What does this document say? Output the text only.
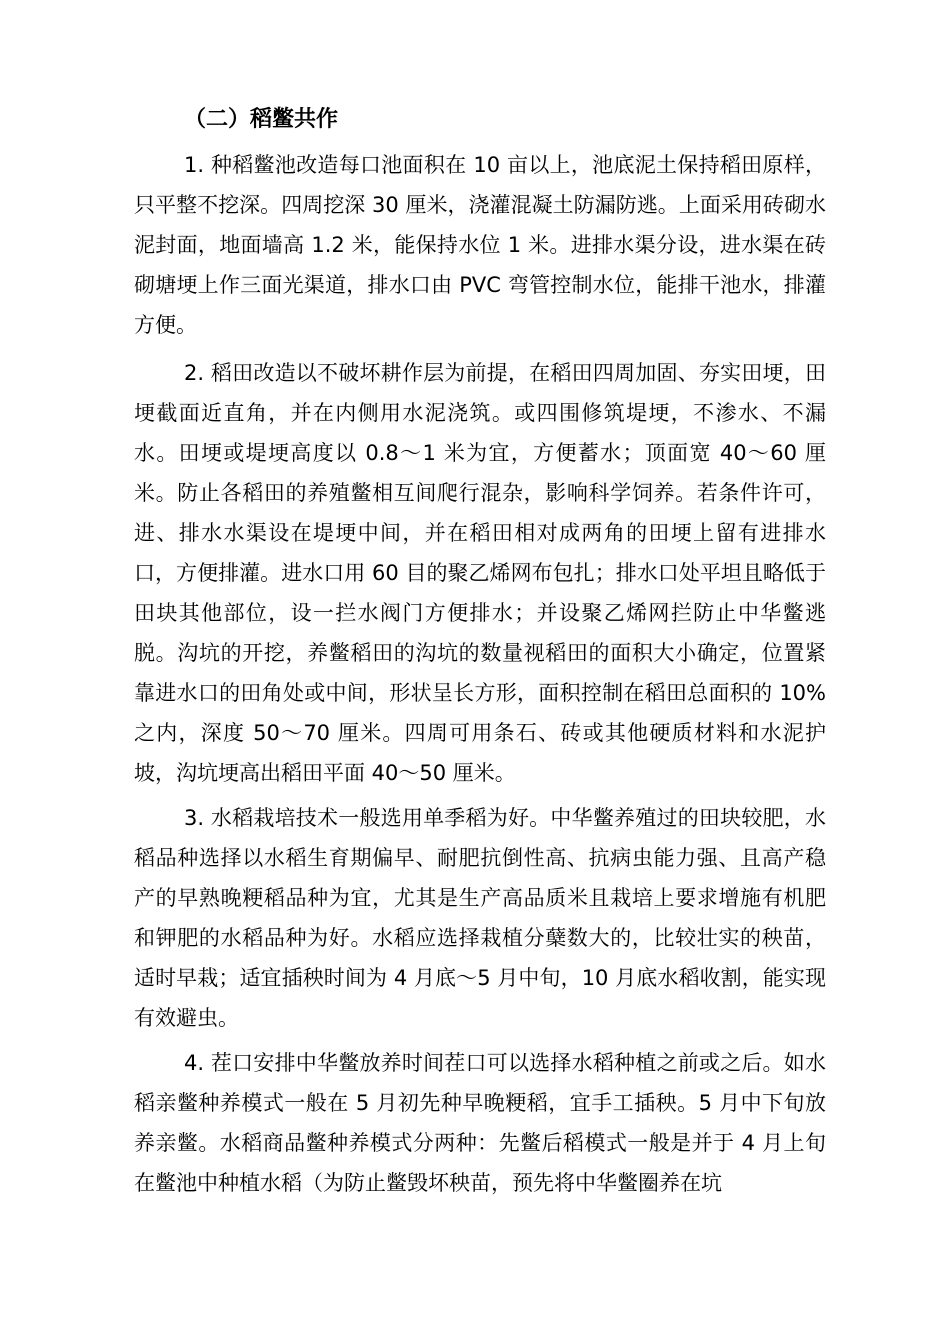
（二）稻鳖共作

1. 种稻鳖池改造每口池面积在 10 亩以上，池底泥土保持稻田原样，只平整不挖深。四周挖深 30 厘米，浇灌混凝土防漏防逃。上面采用砖砌水泥封面，地面墙高 1.2 米，能保持水位 1 米。进排水渠分设，进水渠在砖砌塘埂上作三面光渠道，排水口由 PVC 弯管控制水位，能排干池水，排灌方便。

2. 稻田改造以不破坏耕作层为前提，在稻田四周加固、夯实田埂，田埂截面近直角，并在内侧用水泥浇筑。或四围修筑堤埂，不渗水、不漏水。田埂或堤埂高度以 0.8～1 米为宜，方便蓄水；顶面宽 40～60 厘米。防止各稻田的养殖鳖相互间爬行混杂，影响科学饲养。若条件许可，进、排水水渠设在堤埂中间，并在稻田相对成两角的田埂上留有进排水口，方便排灌。进水口用 60 目的聚乙烯网布包扎；排水口处平坦且略低于田块其他部位，设一拦水阀门方便排水；并设聚乙烯网拦防止中华鳖逃脱。沟坑的开挖，养鳖稻田的沟坑的数量视稻田的面积大小确定，位置紧靠进水口的田角处或中间，形状呈长方形，面积控制在稻田总面积的 10%之内，深度 50～70 厘米。四周可用条石、砖或其他硬质材料和水泥护坡，沟坑埂高出稻田平面 40～50 厘米。

3. 水稻栽培技术一般选用单季稻为好。中华鳖养殖过的田块较肥，水稻品种选择以水稻生育期偏早、耐肥抗倒性高、抗病虫能力强、且高产稳产的早熟晚粳稻品种为宜，尤其是生产高品质米且栽培上要求增施有机肥和钾肥的水稻品种为好。水稻应选择栽植分蘖数大的，比较壮实的秧苗，适时早栽；适宜插秧时间为 4 月底～5 月中旬，10 月底水稻收割，能实现有效避虫。

4. 茬口安排中华鳖放养时间茬口可以选择水稻种植之前或之后。如水稻亲鳖种养模式一般在 5 月初先种早晚粳稻，宜手工插秧。5 月中下旬放养亲鳖。水稻商品鳖种养模式分两种：先鳖后稻模式一般是并于 4 月上旬在鳖池中种植水稻（为防止鳖毁坏秧苗，预先将中华鳖圈养在坑
